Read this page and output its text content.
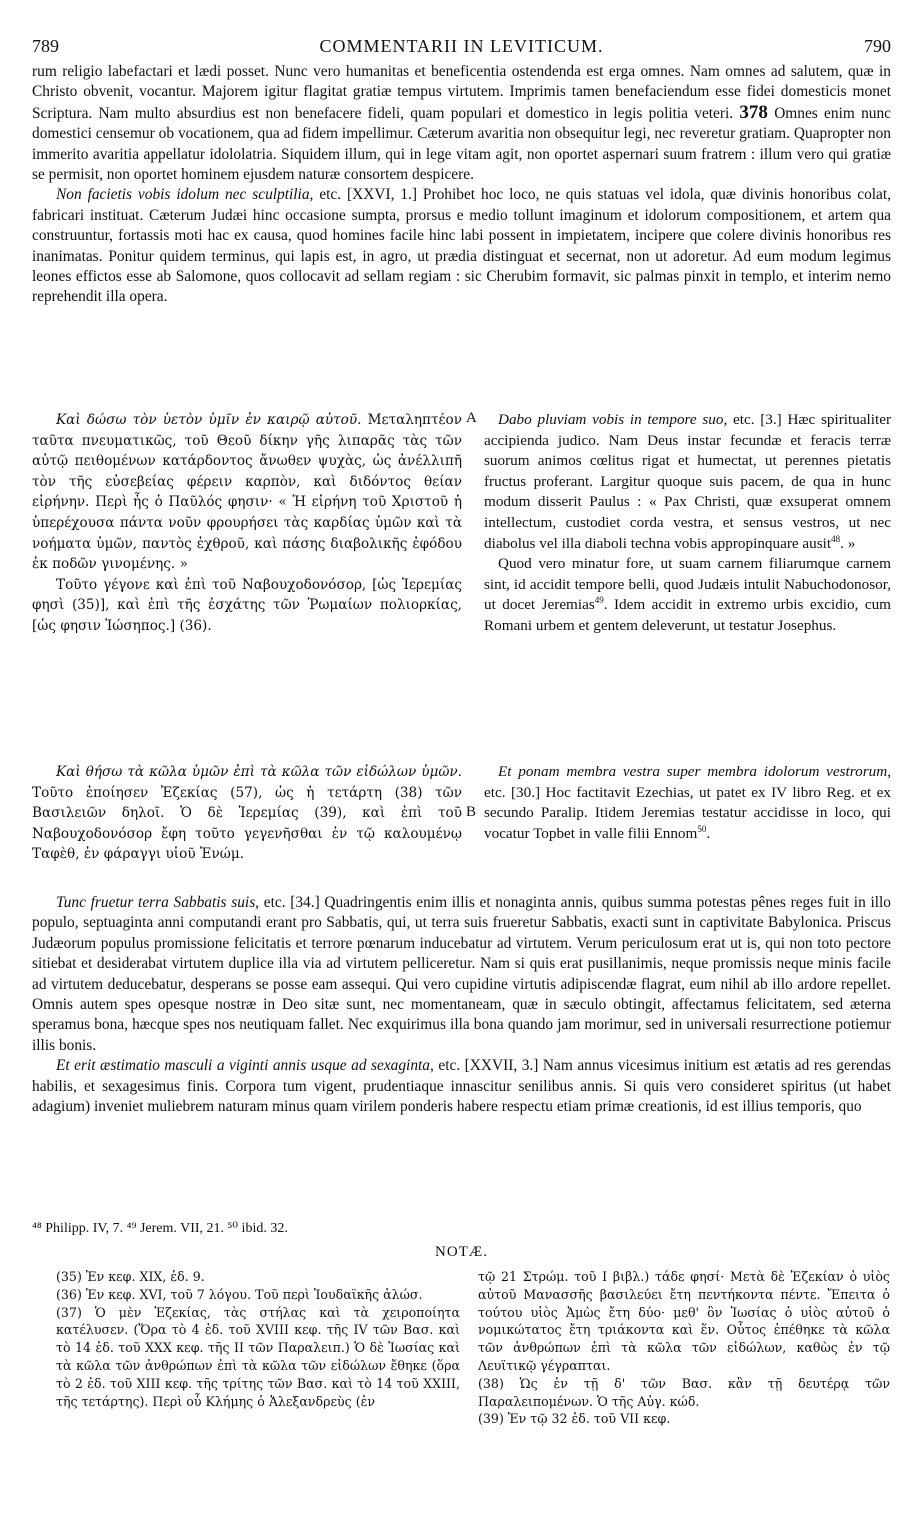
789	COMMENTARII IN LEVITICUM.	790

rum religio labefactari et lædi posset. Nunc vero humanitas et beneficentia ostendenda est erga omnes. Nam omnes ad salutem, quæ in Christo obvenit, vocantur. Majorem igitur flagitat gratiæ tempus virtutem. Imprimis tamen benefaciendum esse fidei domesticis monet Scriptura. Nam multo absurdius est non benefacere fideli, quam populari et domestico in legis politia veteri. 378 Omnes enim nunc domestici censemur ob vocationem, qua ad fidem impellimur. Cæterum avaritia non obsequitur legi, nec reveretur gratiam. Quapropter non immerito avaritia appellatur idololatria. Siquidem illum, qui in lege vitam agit, non oportet aspernari suum fratrem : illum vero qui gratiæ se permisit, non oportet hominem ejusdem naturæ consortem despicere.

Non facietis vobis idolum nec sculptilia, etc. [XXVI, 1.] Prohibet hoc loco, ne quis statuas vel idola, quæ divinis honoribus colat, fabricari instituat. Cæterum Judæi hinc occasione sumpta, prorsus e medio tollunt imaginum et idolorum compositionem, et artem qua construuntur, fortassis moti hac ex causa, quod homines facile hinc labi possent in impietatem, incipere que colere divinis honoribus res inanimatas. Ponitur quidem terminus, qui lapis est, in agro, ut prædia distinguat et secernat, non ut adoretur. Ad eum modum legimus leones effictos esse ab Salomone, quos collocavit ad sellam regiam : sic Cherubim formavit, sic palmas pinxit in templo, et interim nemo reprehendit illa opera.

Καὶ δώσω τὸν ὑετὸν ὑμῖν ἐν καιρῷ αὐτοῦ. Μεταληπτέον ταῦτα πνευματικῶς, τοῦ Θεοῦ δίκην γῆς λιπαρᾶς τὰς τῶν αὐτῷ πειθομένων κατάρδοντος ἄνωθεν ψυχὰς, ὡς ἀνέλλιπῆ τὸν τῆς εὐσεβείας φέρειν καρπὸν, καὶ διδόντος θείαν εἰρήνην. Περὶ ἧς ὁ Παῦλός φησιν· « Ἡ εἰρήνη τοῦ Χριστοῦ ἡ ὑπερέχουσα πάντα νοῦν φρουρήσει τὰς καρδίας ὑμῶν καὶ τὰ νοήματα ὑμῶν, παντὸς ἐχθροῦ, καὶ πάσης διαβολικῆς ἐφόδου ἐκ ποδῶν γινομένης. »

Τοῦτο γέγονε καὶ ἐπὶ τοῦ Ναβουχοδονόσορ, [ὡς Ἱερεμίας φησὶ (35)], καὶ ἐπὶ τῆς ἐσχάτης τῶν Ῥωμαίων πολιορκίας, [ὡς φησιν Ἰώσηπος.] (36).

A	Dabo pluviam vobis in tempore suo, etc. [3.] Hæc spiritualiter accipienda judico. Nam Deus instar fecundæ et feracis terræ suorum animos cœlitus rigat et humectat, ut perennes pietatis fructus proferant. Largitur quoque suis pacem, de qua in hunc modum disserit Paulus : « Pax Christi, quæ exsuperat omnem intellectum, custodiet corda vestra, et sensus vestros, ut nec diabolus vel illa diaboli techna vobis appropinquare ausit$^{48}$. »

Quod vero minatur fore, ut suam carnem filiarumque carnem sint, id accidit tempore belli, quod Judæis intulit Nabuchodonosor, ut docet Jeremias$^{49}$. Idem accidit in extremo urbis excidio, cum Romani urbem et gentem deleverunt, ut testatur Josephus.

Καὶ θήσω τὰ κῶλα ὑμῶν ἐπὶ τὰ κῶλα τῶν εἰδώλων ὑμῶν. Τοῦτο ἐποίησεν Ἐζεκίας (57), ὡς ἡ τετάρτη (38) τῶν Βασιλειῶν δηλοῖ. Ὁ δὲ Ἱερεμίας (39), καὶ ἐπὶ τοῦ Ναβουχοδονόσορ ἔφη τοῦτο γεγενῆσθαι ἐν τῷ καλουμένῳ Ταφὲθ, ἐν φάραγγι υἱοῦ Ἐνώμ.

B

Et ponam membra vestra super membra idolorum vestrorum, etc. [30.] Hoc factitavit Ezechias, ut patet ex IV libro Reg. et ex secundo Paralip. Itidem Jeremias testatur accidisse in loco, qui vocatur Topbet in valle filii Ennom$^{50}$.

Tunc fruetur terra Sabbatis suis, etc. [34.] Quadringentis enim illis et nonaginta annis, quibus summa potestas pênes reges fuit in illo populo, septuaginta anni computandi erant pro Sabbatis, qui, ut terra suis frueretur Sabbatis, exacti sunt in captivitate Babylonica. Priscus Judæorum populus promissione felicitatis et terrore pœnarum inducebatur ad virtutem. Verum periculosum erat ut is, qui non toto pectore sitiebat et desiderabat virtutem duplice illa via ad virtutem pelliceretur. Nam si quis erat pusillanimis, neque promissis neque minis facile ad virtutem deducebatur, desperans se posse eam assequi. Qui vero cupidine virtutis adipiscendæ flagrat, eum nihil ab illo ardore repellet. Omnis autem spes opesque nostræ in Deo sitæ sunt, nec momentaneam, quæ in sæculo obtingit, affectamus felicitatem, sed æterna speramus bona, hæcque spes nos neutiquam fallet. Nec exquirimus illa bona quando jam morimur, sed in universali resurrectione potiemur illis bonis.

Et erit æstimatio masculi a viginti annis usque ad sexaginta, etc. [XXVII, 3.] Nam annus vicesimus initium est ætatis ad res gerendas habilis, et sexagesimus finis. Corpora tum vigent, prudentiaque innascitur senilibus annis. Si quis vero consideret spiritus (ut habet adagium) inveniet muliebrem naturam minus quam virilem ponderis habere respectu etiam primæ creationis, id est illius temporis, quo

⁴⁸ Philipp. IV, 7. ⁴⁹ Jerem. VII, 21. ⁵⁰ ibid. 32.
NOTÆ.

(35) Ἐν κεφ. XIX, ἐδ. 9.

(36) Ἐν κεφ. XVI, τοῦ 7 λόγου. Τοῦ περὶ Ἰουδαϊκῆς ἁλώσ.

(37) Ὁ μὲν Ἐζεκίας, τὰς στήλας καὶ τὰ χειροποίητα κατέλυσεν. (Ὅρα τὸ 4 ἐδ. τοῦ XVIII κεφ. τῆς IV τῶν Βασ. καὶ τὸ 14 ἐδ. τοῦ XXX κεφ. τῆς II τῶν Παραλειπ.) Ὁ δὲ Ἰωσίας καὶ τὰ κῶλα τῶν ἀνθρώπων ἐπὶ τὰ κῶλα τῶν εἰδώλων ἔθηκε (ὅρα τὸ 2 ἐδ. τοῦ XIII κεφ. τῆς τρίτης τῶν Βασ. καὶ τὸ 14 τοῦ XXIII, τῆς τετάρτης). Περὶ οὗ Κλήμης ὁ Ἀλεξανδρεὺς (ἐν

τῷ 21 Στρώμ. τοῦ I βιβλ.) τάδε φησί· Μετὰ δὲ Ἐζεκίαν ὁ υἱὸς αὐτοῦ Μανασσῆς βασιλεύει ἔτη πεντήκοντα πέντε. Ἔπειτα ὁ τούτου υἱὸς Ἀμὼς ἔτη δύο· μεθ' ὃν Ἰωσίας ὁ υἱὸς αὐτοῦ ὁ νομικώτατος ἔτη τριάκοντα καὶ ἕν. Οὗτος ἐπέθηκε τὰ κῶλα τῶν ἀνθρώπων ἐπὶ τὰ κῶλα τῶν εἰδώλων, καθὼς ἐν τῷ Λευϊτικῷ γέγραπται.

(38) Ὡς ἐν τῇ δ' τῶν Βασ. κἂν τῇ δευτέρᾳ τῶν Παραλειπομένων. Ὁ τῆς Αὐγ. κώδ.

(39) Ἐν τῷ 32 ἐδ. τοῦ VII κεφ.
